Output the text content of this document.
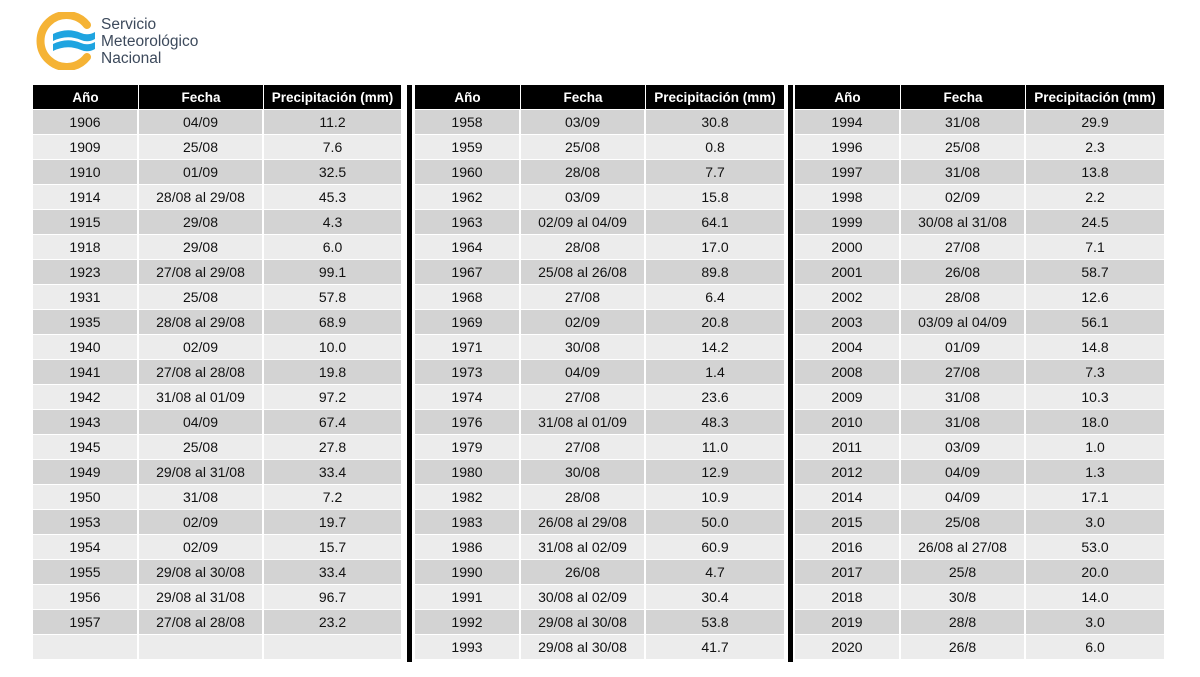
Servicio
Meteorológico
Nacional
Año	Fecha	Precipitación (mm)
1906	04/09	11.2
1909	25/08	7.6
1910	01/09	32.5
1914	28/08 al 29/08	45.3
1915	29/08	4.3
1918	29/08	6.0
1923	27/08 al 29/08	99.1
1931	25/08	57.8
1935	28/08 al 29/08	68.9
1940	02/09	10.0
1941	27/08 al 28/08	19.8
1942	31/08 al 01/09	97.2
1943	04/09	67.4
1945	25/08	27.8
1949	29/08 al 31/08	33.4
1950	31/08	7.2
1953	02/09	19.7
1954	02/09	15.7
1955	29/08 al 30/08	33.4
1956	29/08 al 31/08	96.7
1957	27/08 al 28/08	23.2

Año	Fecha	Precipitación (mm)
1958	03/09	30.8
1959	25/08	0.8
1960	28/08	7.7
1962	03/09	15.8
1963	02/09 al 04/09	64.1
1964	28/08	17.0
1967	25/08 al 26/08	89.8
1968	27/08	6.4
1969	02/09	20.8
1971	30/08	14.2
1973	04/09	1.4
1974	27/08	23.6
1976	31/08 al 01/09	48.3
1979	27/08	11.0
1980	30/08	12.9
1982	28/08	10.9
1983	26/08 al 29/08	50.0
1986	31/08 al 02/09	60.9
1990	26/08	4.7
1991	30/08 al 02/09	30.4
1992	29/08 al 30/08	53.8
1993	29/08 al 30/08	41.7
Año	Fecha	Precipitación (mm)
1994	31/08	29.9
1996	25/08	2.3
1997	31/08	13.8
1998	02/09	2.2
1999	30/08 al 31/08	24.5
2000	27/08	7.1
2001	26/08	58.7
2002	28/08	12.6
2003	03/09 al 04/09	56.1
2004	01/09	14.8
2008	27/08	7.3
2009	31/08	10.3
2010	31/08	18.0
2011	03/09	1.0
2012	04/09	1.3
2014	04/09	17.1
2015	25/08	3.0
2016	26/08 al 27/08	53.0
2017	25/8	20.0
2018	30/8	14.0
2019	28/8	3.0
2020	26/8	6.0
